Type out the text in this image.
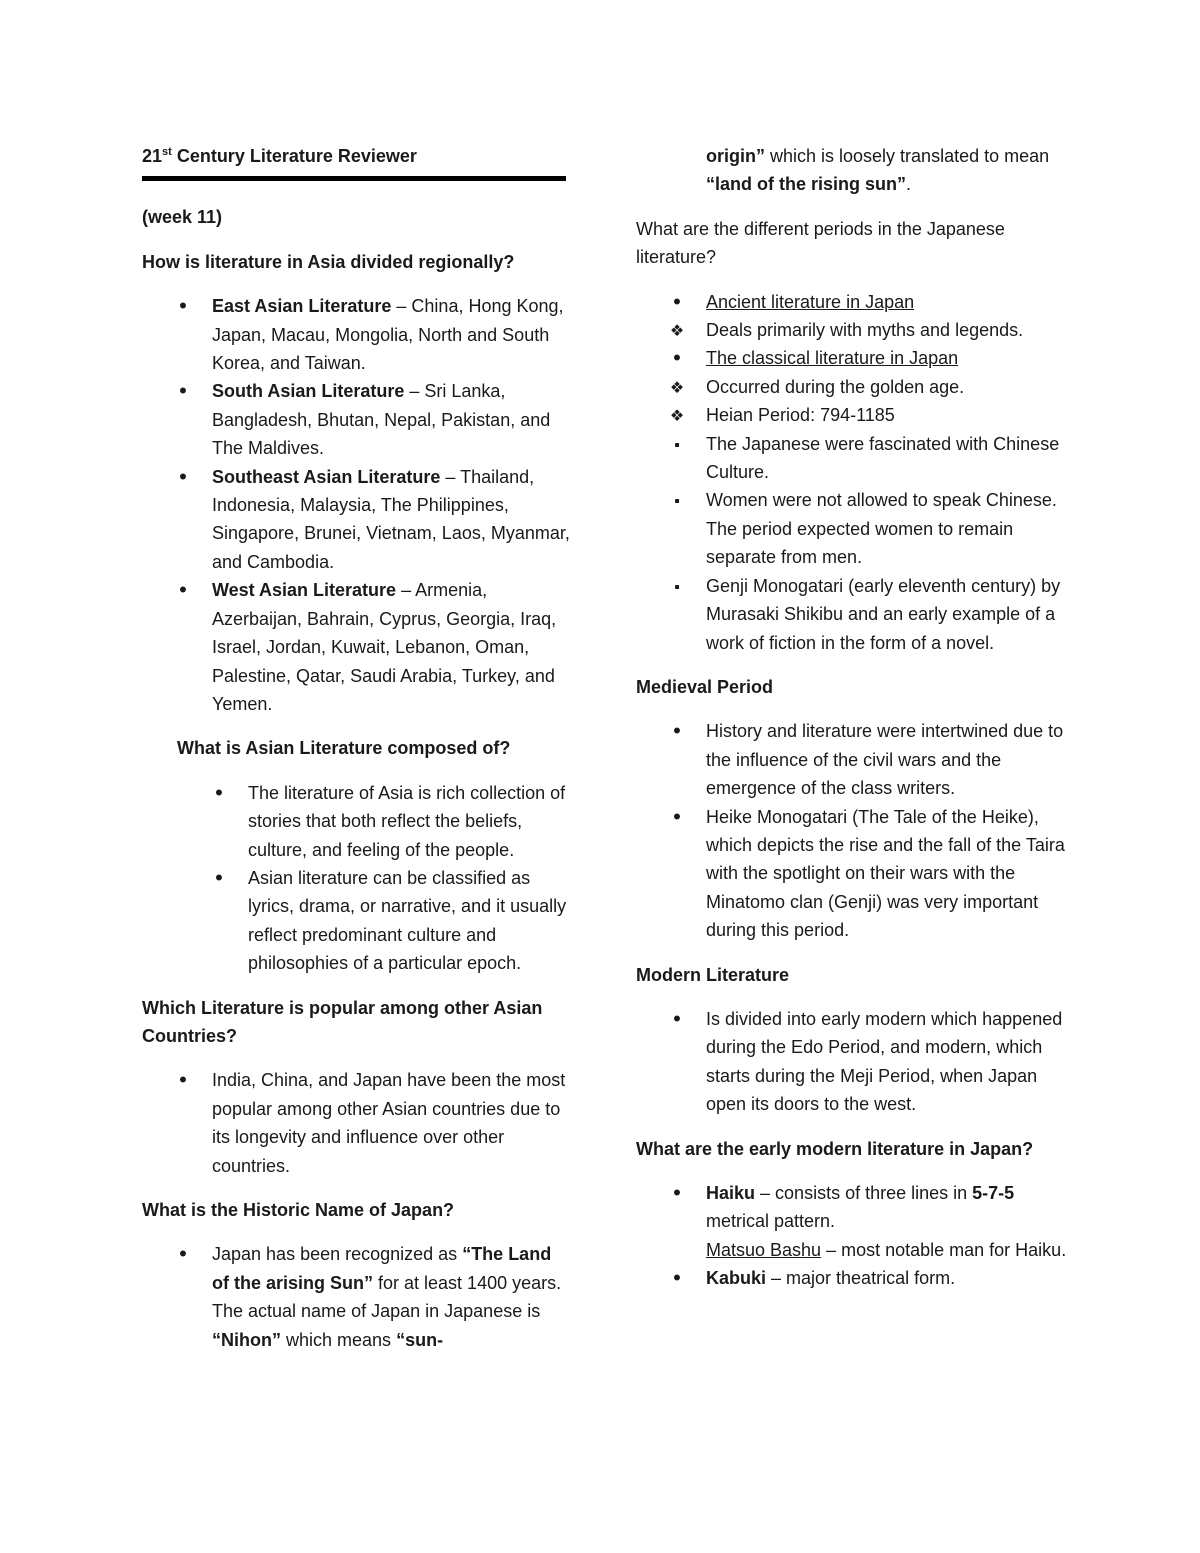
21st Century Literature Reviewer

(week 11)

How is literature in Asia divided regionally?

•
East Asian Literature – China, Hong Kong, Japan, Macau, Mongolia, North and South Korea, and Taiwan.
•
South Asian Literature – Sri Lanka, Bangladesh, Bhutan, Nepal, Pakistan, and The Maldives.
•
Southeast Asian Literature – Thailand, Indonesia, Malaysia, The Philippines, Singapore, Brunei, Vietnam, Laos, Myanmar, and Cambodia.
•
West Asian Literature – Armenia, Azerbaijan, Bahrain, Cyprus, Georgia, Iraq, Israel, Jordan, Kuwait, Lebanon, Oman, Palestine, Qatar, Saudi Arabia, Turkey, and Yemen.

What is Asian Literature composed of?

•
The literature of Asia is rich collection of stories that both reflect the beliefs, culture, and feeling of the people.
•
Asian literature can be classified as lyrics, drama, or narrative, and it usually reflect predominant culture and philosophies of a particular epoch.

Which Literature is popular among other Asian Countries?

•
India, China, and Japan have been the most popular among other Asian countries due to its longevity and influence over other countries.

What is the Historic Name of Japan?

•
Japan has been recognized as “The Land of the arising Sun” for at least 1400 years. The actual name of Japan in Japanese is “Nihon” which means “sun-

origin” which is loosely translated to mean “land of the rising sun”.

What are the different periods in the Japanese literature?

•
Ancient literature in Japan
❖
Deals primarily with myths and legends.
•
The classical literature in Japan
❖
Occurred during the golden age.
❖
Heian Period: 794-1185
▪
The Japanese were fascinated with Chinese Culture.
▪
Women were not allowed to speak Chinese. The period expected women to remain separate from men.
▪
Genji Monogatari (early eleventh century) by Murasaki Shikibu and an early example of a work of fiction in the form of a novel.

Medieval Period

•
History and literature were intertwined due to the influence of the civil wars and the emergence of the class writers.
•
Heike Monogatari (The Tale of the Heike), which depicts the rise and the fall of the Taira with the spotlight on their wars with the Minatomo clan (Genji) was very important during this period.

Modern Literature

•
Is divided into early modern which happened during the Edo Period, and modern, which starts during the Meji Period, when Japan open its doors to the west.

What are the early modern literature in Japan?

•
Haiku – consists of three lines in 5-7-5 metrical pattern.
Matsuo Bashu – most notable man for Haiku.
•
Kabuki – major theatrical form.
